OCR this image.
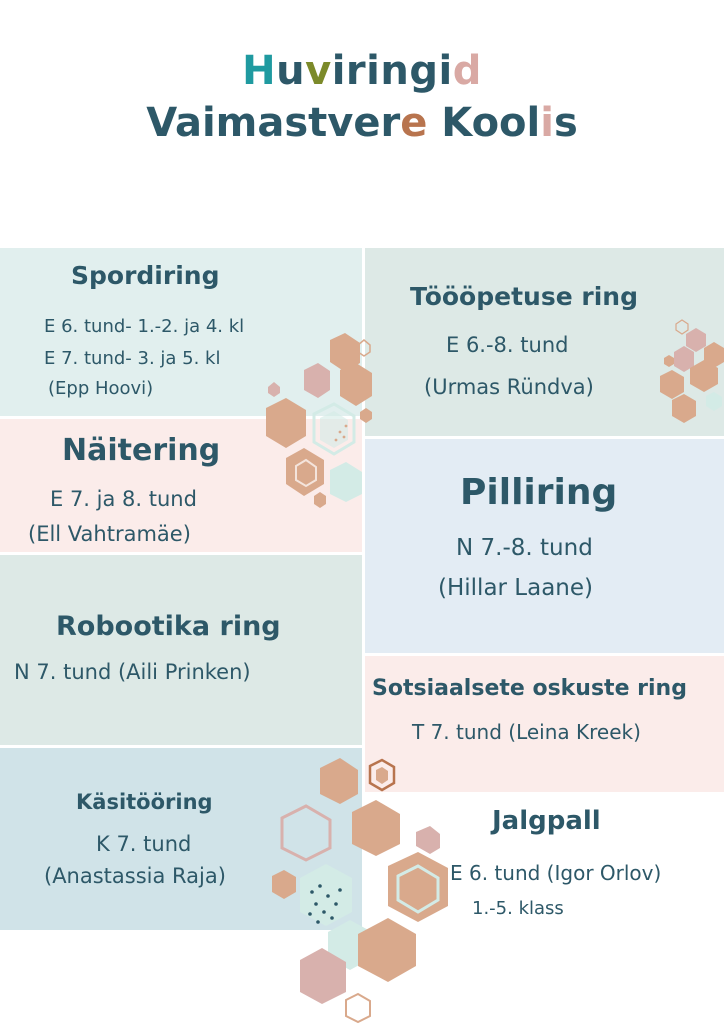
Huviringid
Vaimastvere Koolis

Spordiring

E 6. tund- 1.-2. ja 4. kl

E 7. tund- 3. ja 5. kl

(Epp Hoovi)

Töööpetuse ring

E 6.-8. tund

(Urmas Ründva)

Näitering

E 7. ja 8. tund

(Ell Vahtramäe)

Pilliring

N 7.-8. tund

(Hillar Laane)

Robootika ring

N 7. tund (Aili Prinken)

Sotsiaalsete oskuste ring

T 7. tund (Leina Kreek)

Käsitööring

K 7. tund

(Anastassia Raja)

Jalgpall

E 6. tund (Igor Orlov)

1.-5. klass
